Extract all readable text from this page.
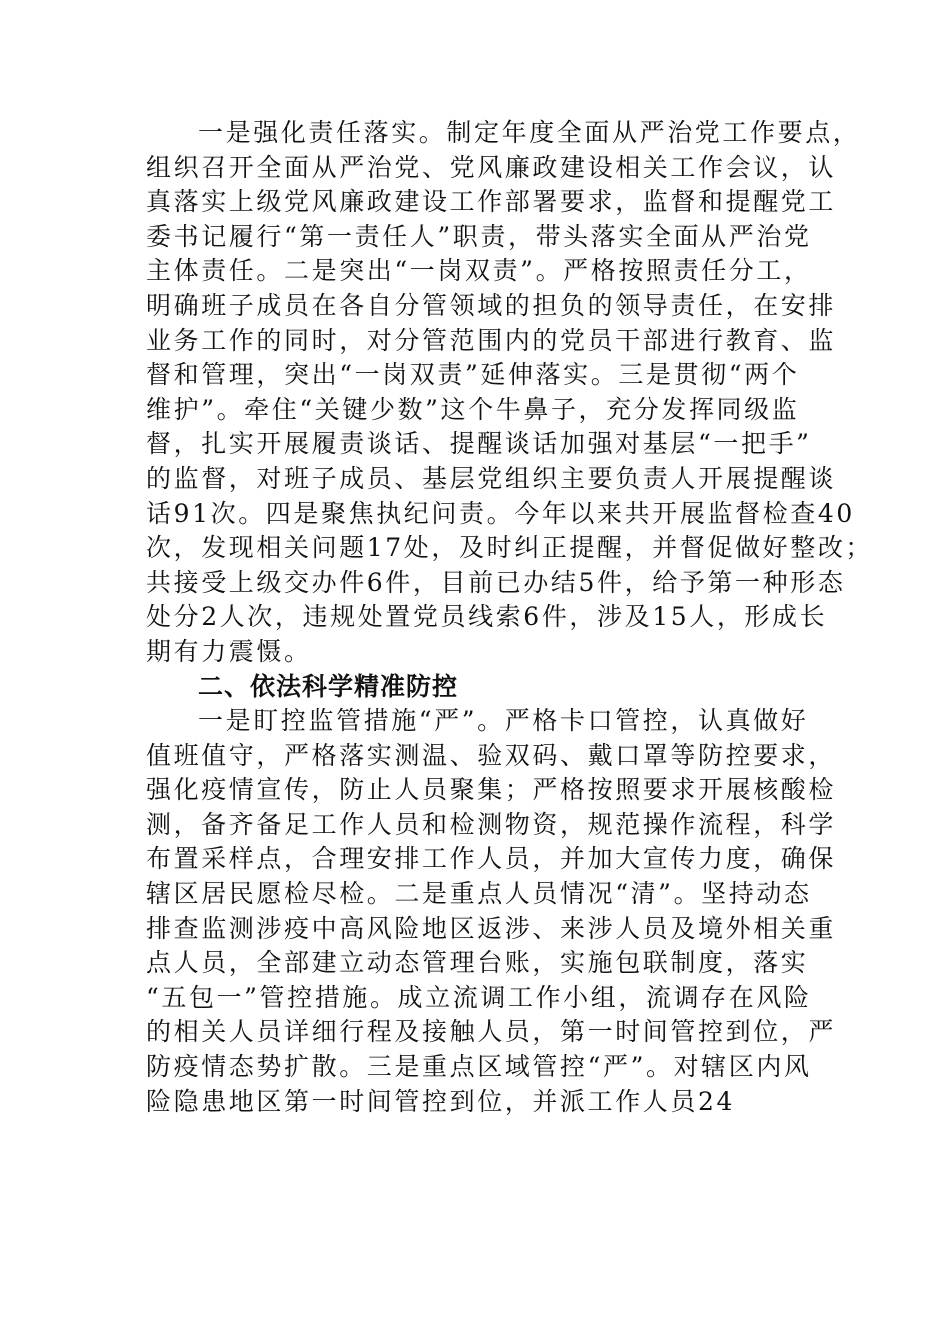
一是强化责任落实。制定年度全面从严治党工作要点，
组织召开全面从严治党、党风廉政建设相关工作会议，认
真落实上级党风廉政建设工作部署要求，监督和提醒党工
委书记履行“第一责任人”职责，带头落实全面从严治党
主体责任。二是突出“一岗双责”。严格按照责任分工，
明确班子成员在各自分管领域的担负的领导责任，在安排
业务工作的同时，对分管范围内的党员干部进行教育、监
督和管理，突出“一岗双责”延伸落实。三是贯彻“两个
维护”。牵住“关键少数”这个牛鼻子，充分发挥同级监
督，扎实开展履责谈话、提醒谈话加强对基层“一把手”
的监督，对班子成员、基层党组织主要负责人开展提醒谈
话91次。四是聚焦执纪问责。今年以来共开展监督检查40
次，发现相关问题17处，及时纠正提醒，并督促做好整改；
共接受上级交办件6件，目前已办结5件，给予第一种形态
处分2人次，违规处置党员线索6件，涉及15人，形成长
期有力震慑。
二、依法科学精准防控
一是盯控监管措施“严”。严格卡口管控，认真做好
值班值守，严格落实测温、验双码、戴口罩等防控要求，
强化疫情宣传，防止人员聚集；严格按照要求开展核酸检
测，备齐备足工作人员和检测物资，规范操作流程，科学
布置采样点，合理安排工作人员，并加大宣传力度，确保
辖区居民愿检尽检。二是重点人员情况“清”。坚持动态
排查监测涉疫中高风险地区返涉、来涉人员及境外相关重
点人员，全部建立动态管理台账，实施包联制度，落实
“五包一”管控措施。成立流调工作小组，流调存在风险
的相关人员详细行程及接触人员，第一时间管控到位，严
防疫情态势扩散。三是重点区域管控“严”。对辖区内风
险隐患地区第一时间管控到位，并派工作人员24
